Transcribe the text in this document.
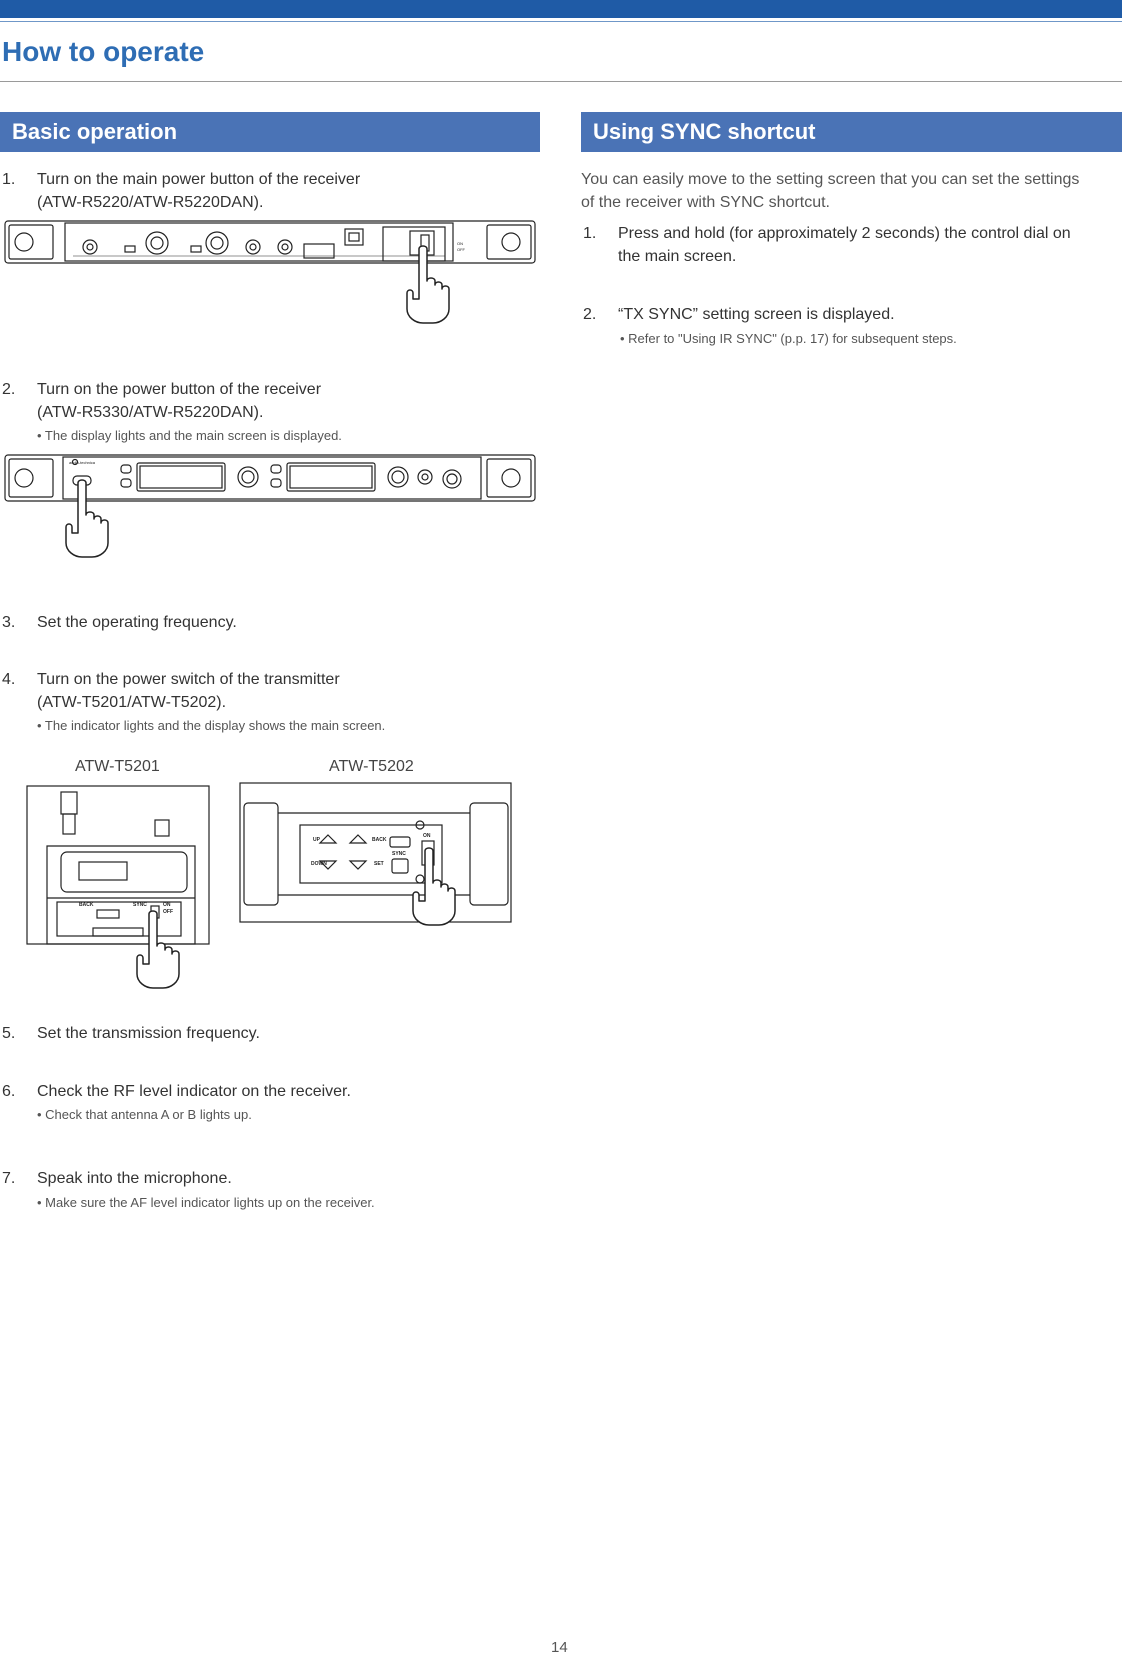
How to operate
Basic operation
1. Turn on the main power button of the receiver
(ATW-R5220/ATW-R5220DAN).
ON
OFF
2. Turn on the power button of the receiver
(ATW-R5330/ATW-R5220DAN).
• The display lights and the main screen is displayed.
audio-technica
3. Set the operating frequency.
4. Turn on the power switch of the transmitter
(ATW-T5201/ATW-T5202).
• The indicator lights and the display shows the main screen.
ATW-T5201	ATW-T5202
BACK	SYNC	ON
OFF
UP
DOWN
BACK
SYNC
SET
ON
5. Set the transmission frequency.
6. Check the RF level indicator on the receiver.
• Check that antenna A or B lights up.
7. Speak into the microphone.
• Make sure the AF level indicator lights up on the receiver.
Using SYNC shortcut
You can easily move to the setting screen that you can set the settings
of the receiver with SYNC shortcut.
1. Press and hold (for approximately 2 seconds) the control dial on
the main screen.
2. “TX SYNC” setting screen is displayed.
• Refer to "Using IR SYNC" (p.p. 17) for subsequent steps.
14
